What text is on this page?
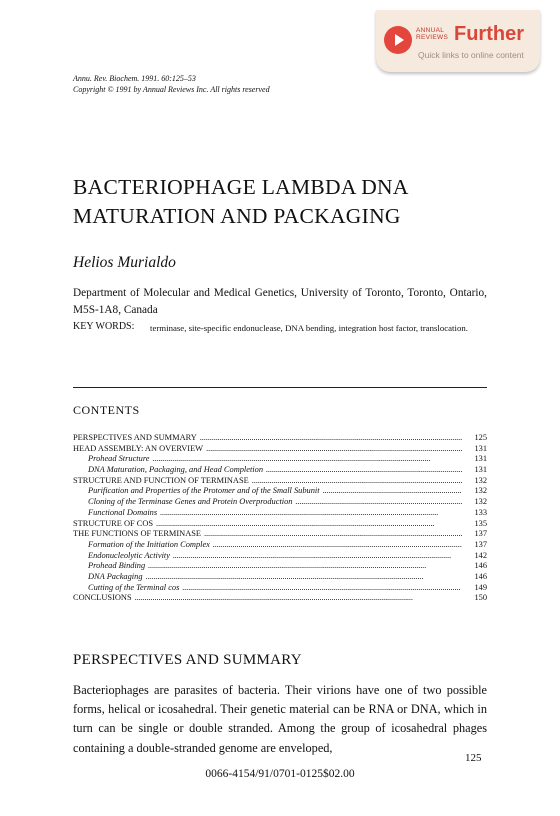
ANNUAL
REVIEWS Further
Quick links to online content
Annu. Rev. Biochem. 1991. 60:125–53
Copyright © 1991 by Annual Reviews Inc. All rights reserved
BACTERIOPHAGE LAMBDA DNA
MATURATION AND PACKAGING
Helios Murialdo
Department of Molecular and Medical Genetics, University of Toronto, Toronto, Ontario, M5S-1A8, Canada
KEY WORDS: terminase, site-specific endonuclease, DNA bending, integration host factor, translocation.
CONTENTS
PERSPECTIVES AND SUMMARY . . .	125
HEAD ASSEMBLY: AN OVERVIEW . . .	131
Prohead Structure . . .	131
DNA Maturation, Packaging, and Head Completion . . .	131
STRUCTURE AND FUNCTION OF TERMINASE . . .	132
Purification and Properties of the Protomer and of the Small Subunit . . .	132
Cloning of the Terminase Genes and Protein Overproduction . . .	132
Functional Domains . . .	133
STRUCTURE OF COS . . .	135
THE FUNCTIONS OF TERMINASE . . .	137
Formation of the Initiation Complex . . .	137
Endonucleolytic Activity . . .	142
Prohead Binding . . .	146
DNA Packaging . . .	146
Cutting of the Terminal cos . . .	149
CONCLUSIONS . . .	150
PERSPECTIVES AND SUMMARY
Bacteriophages are parasites of bacteria. Their virions have one of two possible forms, helical or icosahedral. Their genetic material can be RNA or DNA, which in turn can be single or double stranded. Among the group of icosahedral phages containing a double-stranded genome are enveloped,
125
0066-4154/91/0701-0125$02.00
